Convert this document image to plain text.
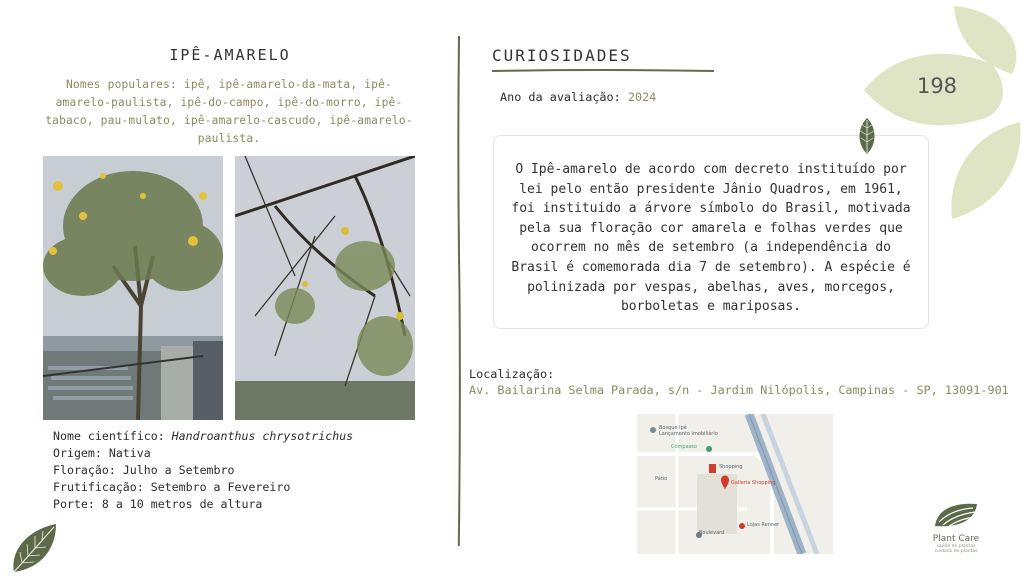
IPÊ-AMARELO
Nomes populares: ipê, ipê-amarelo-da-mata, ipê-amarelo-paulista, ipê-do-campo, ipê-do-morro, ipê-tabaco, pau-mulato, ipê-amarelo-cascudo, ipê-amarelo-paulista.
Nome científico: Handroanthus chrysotrichus
Origem: Nativa
Floração: Julho a Setembro
Frutificação: Setembro a Fevereiro
Porte: 8 a 10 metros de altura
CURIOSIDADES
Ano da avaliação: 2024
O Ipê-amarelo de acordo com decreto instituído por lei pelo então presidente Jânio Quadros, em 1961, foi instituido a árvore símbolo do Brasil, motivada pela sua floração cor amarela e folhas verdes que ocorrem no mês de setembro (a independência do Brasil é comemorada dia 7 de setembro). A espécie é polinizada por vespas, abelhas, aves, morcegos, borboletas e mariposas.
198
Localização:
Av. Bailarina Selma Parada, s/n - Jardim Nilópolis, Campinas - SP, 13091-901
Bosque Ipê
Lançamento imobiliário
Compasso
Shopping
Pátio
Galleria Shopping
Boulevard
Lojas Renner
Plant Care
saúde de plantas
cuidado de plantas
